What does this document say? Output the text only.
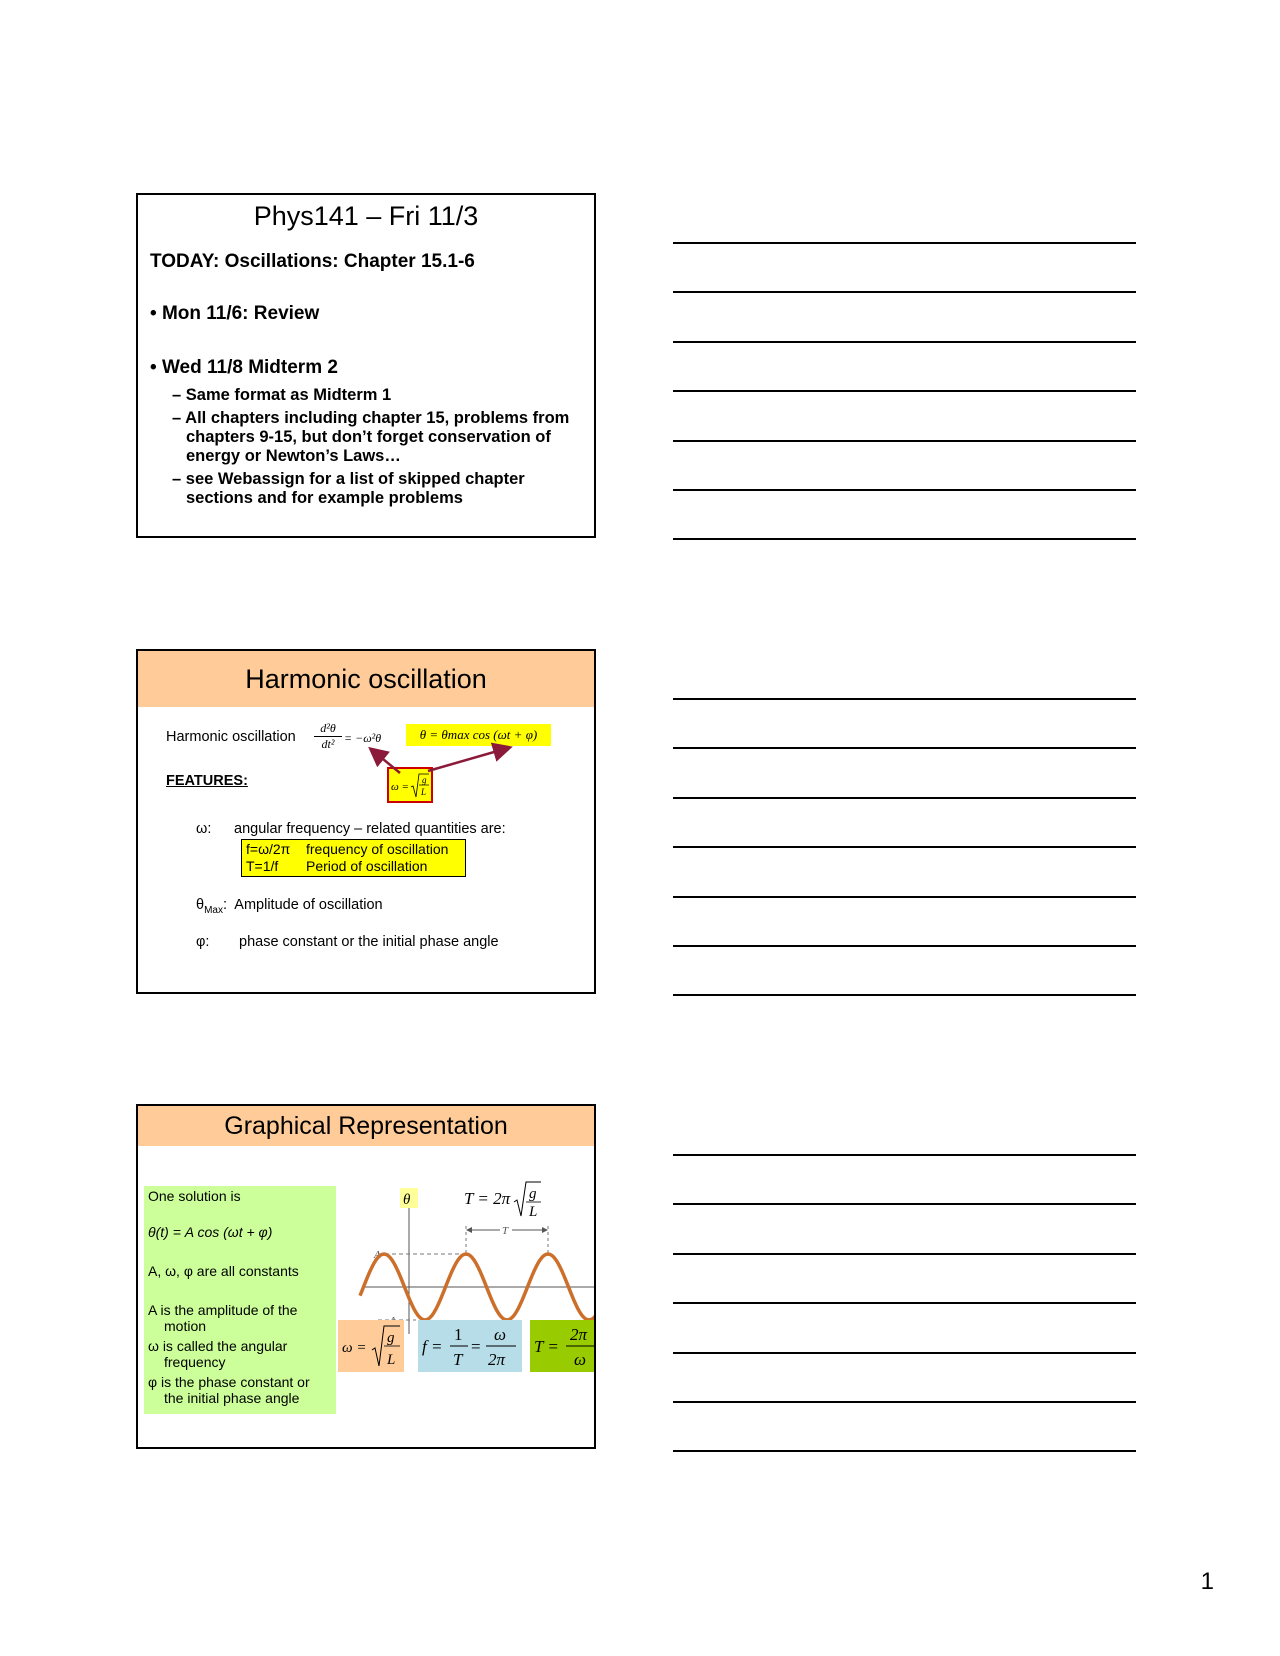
Phys141 – Fri 11/3
TODAY: Oscillations: Chapter 15.1-6
• Mon 11/6: Review
• Wed 11/8 Midterm 2
– Same format as Midterm 1
– All chapters including chapter 15, problems from chapters 9-15, but don’t forget conservation of energy or Newton’s Laws…
– see Webassign for a list of skipped chapter sections and for example problems
Harmonic oscillation
Harmonic oscillation $\frac{\text{d²θ}}{\text{dt²}} = -\omega^2\theta$	θ = θmax cos (ωt + φ)
ω =
g
L
FEATURES:
ω: angular frequency – related quantities are:
f=ω/2π frequency of oscillation
T=1/f Period of oscillation
$\theta_{Max}$:  Amplitude of oscillation
φ: phase constant or the initial phase angle
Graphical Representation
One solution is
θ(t) = A cos (ωt + φ)
A, ω, φ are all constants
A is the amplitude of the motion
ω is called the angular frequency
φ is the phase constant or the initial phase angle
θ
A
T
T = 2π g
L
ω =
g
L
f =
1
T
=
ω
2π
T =
2π
ω
1
